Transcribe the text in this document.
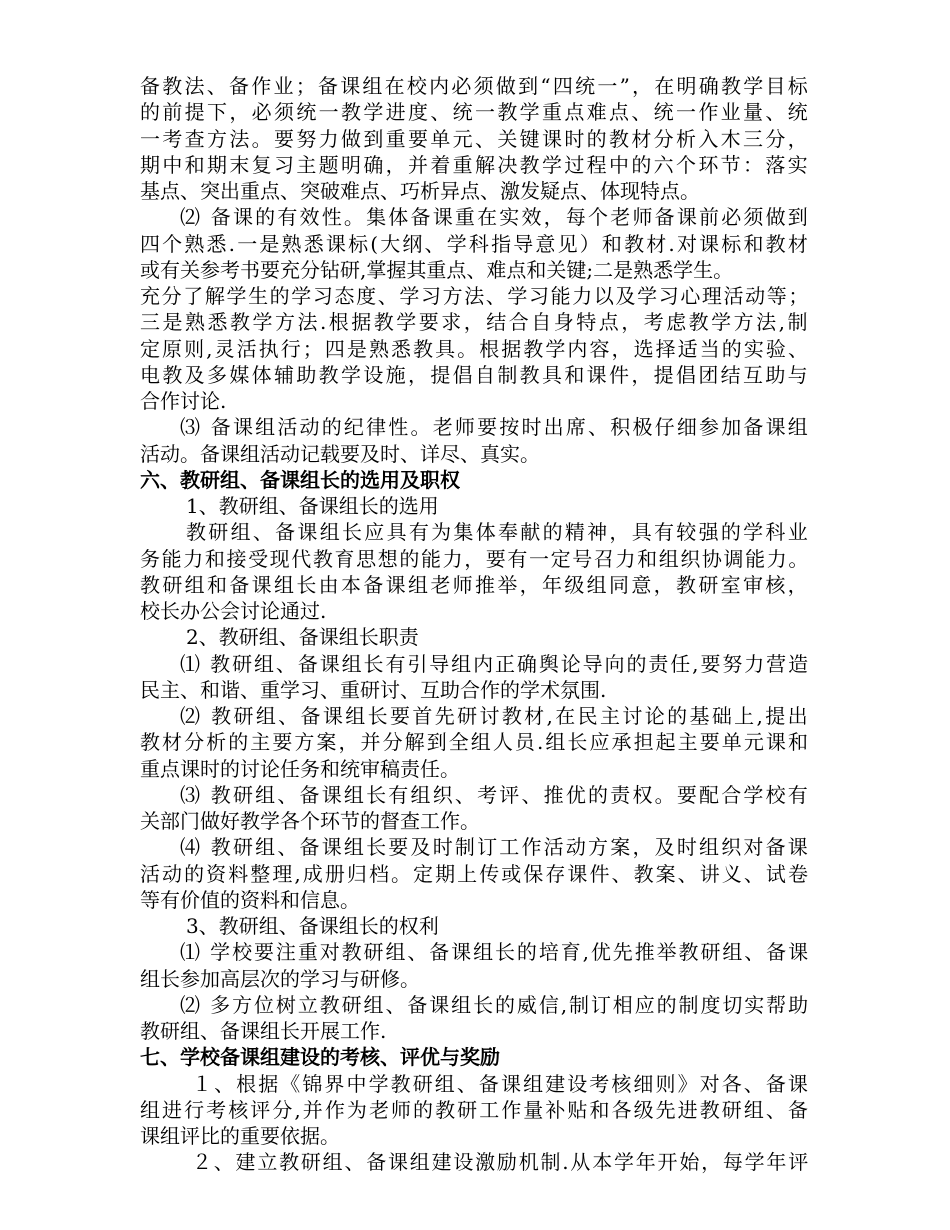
备教法、备作业；备课组在校内必须做到“四统一”，在明确教学目标
的前提下，必须统一教学进度、统一教学重点难点、统一作业量、统
一考查方法。要努力做到重要单元、关键课时的教材分析入木三分，
期中和期末复习主题明确，并着重解决教学过程中的六个环节：落实
基点、突出重点、突破难点、巧析异点、激发疑点、体现特点。
⑵ 备课的有效性。集体备课重在实效，每个老师备课前必须做到
四个熟悉.一是熟悉课标(大纲、学科指导意见）和教材.对课标和教材
或有关参考书要充分钻研,掌握其重点、难点和关键;二是熟悉学生。
充分了解学生的学习态度、学习方法、学习能力以及学习心理活动等；
三是熟悉教学方法.根据教学要求，结合自身特点，考虑教学方法,制
定原则,灵活执行；四是熟悉教具。根据教学内容，选择适当的实验、
电教及多媒体辅助教学设施，提倡自制教具和课件，提倡团结互助与
合作讨论.
⑶ 备课组活动的纪律性。老师要按时出席、积极仔细参加备课组
活动。备课组活动记载要及时、详尽、真实。
六、教研组、备课组长的选用及职权
1、教研组、备课组长的选用
教研组、备课组长应具有为集体奉献的精神，具有较强的学科业
务能力和接受现代教育思想的能力，要有一定号召力和组织协调能力。
教研组和备课组长由本备课组老师推举，年级组同意，教研室审核，
校长办公会讨论通过.
2、教研组、备课组长职责
⑴ 教研组、备课组长有引导组内正确舆论导向的责任,要努力营造
民主、和谐、重学习、重研讨、互助合作的学术氛围.
⑵ 教研组、备课组长要首先研讨教材,在民主讨论的基础上,提出
教材分析的主要方案，并分解到全组人员.组长应承担起主要单元课和
重点课时的讨论任务和统审稿责任。
⑶ 教研组、备课组长有组织、考评、推优的责权。要配合学校有
关部门做好教学各个环节的督查工作。
⑷ 教研组、备课组长要及时制订工作活动方案，及时组织对备课
活动的资料整理,成册归档。定期上传或保存课件、教案、讲义、试卷
等有价值的资料和信息。
3、教研组、备课组长的权利
⑴ 学校要注重对教研组、备课组长的培育,优先推举教研组、备课
组长参加高层次的学习与研修。
⑵ 多方位树立教研组、备课组长的威信,制订相应的制度切实帮助
教研组、备课组长开展工作.
七、学校备课组建设的考核、评优与奖励
１、根据《锦界中学教研组、备课组建设考核细则》对各、备课
组进行考核评分,并作为老师的教研工作量补贴和各级先进教研组、备
课组评比的重要依据。
２、建立教研组、备课组建设激励机制.从本学年开始，每学年评
